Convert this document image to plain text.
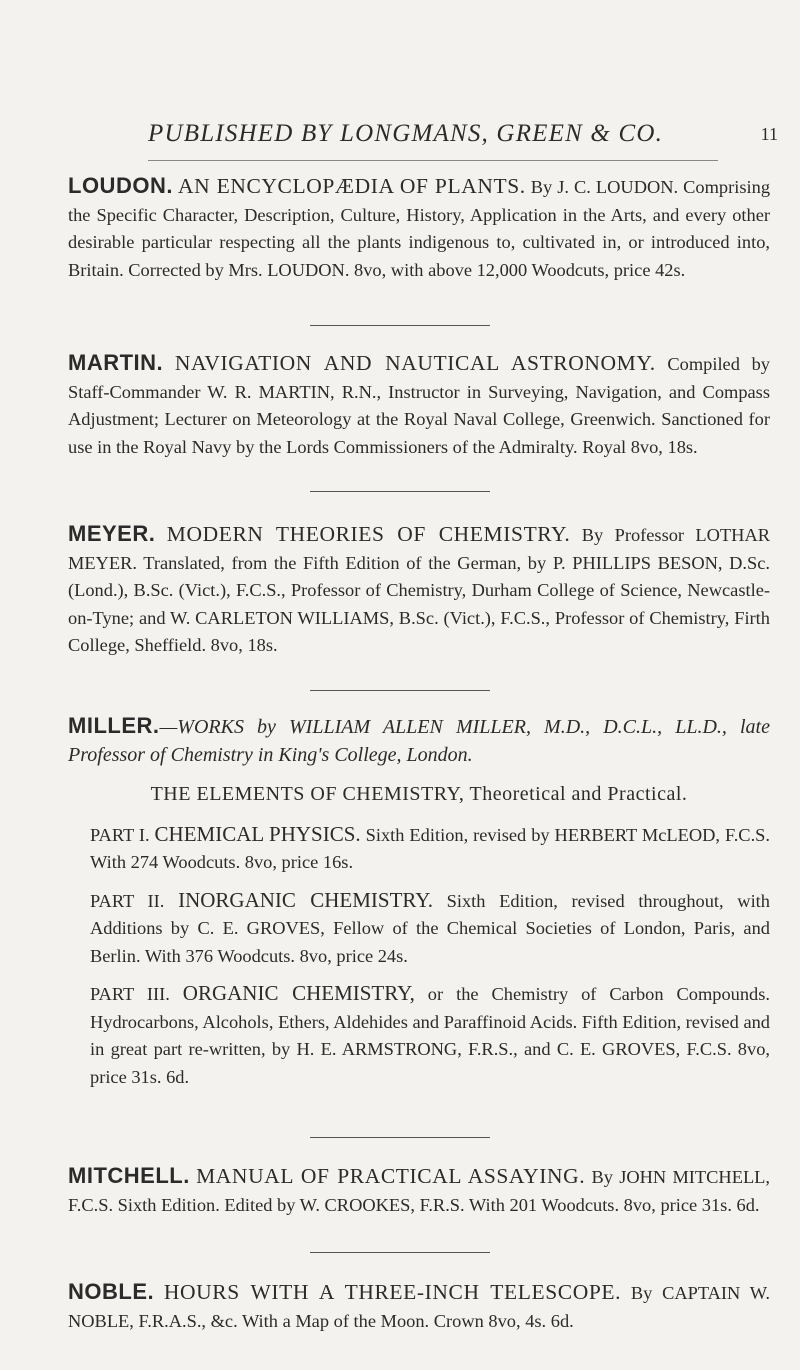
PUBLISHED BY LONGMANS, GREEN & CO.	11

LOUDON. AN ENCYCLOPÆDIA OF PLANTS. By J. C. LOUDON. Comprising the Specific Character, Description, Culture, History, Application in the Arts, and every other desirable particular respecting all the plants indigenous to, cultivated in, or introduced into, Britain. Corrected by Mrs. LOUDON. 8vo, with above 12,000 Woodcuts, price 42s.

MARTIN. NAVIGATION AND NAUTICAL ASTRONOMY. Compiled by Staff-Commander W. R. MARTIN, R.N., Instructor in Surveying, Navigation, and Compass Adjustment; Lecturer on Meteorology at the Royal Naval College, Greenwich. Sanctioned for use in the Royal Navy by the Lords Commissioners of the Admiralty. Royal 8vo, 18s.

MEYER. MODERN THEORIES OF CHEMISTRY. By Professor LOTHAR MEYER. Translated, from the Fifth Edition of the German, by P. PHILLIPS BESON, D.Sc. (Lond.), B.Sc. (Vict.), F.C.S., Professor of Chemistry, Durham College of Science, Newcastle-on-Tyne; and W. CARLETON WILLIAMS, B.Sc. (Vict.), F.C.S., Professor of Chemistry, Firth College, Sheffield. 8vo, 18s.

MILLER.—WORKS by WILLIAM ALLEN MILLER, M.D., D.C.L., LL.D., late Professor of Chemistry in King's College, London.

THE ELEMENTS OF CHEMISTRY, Theoretical and Practical.

PART I. CHEMICAL PHYSICS. Sixth Edition, revised by HERBERT McLEOD, F.C.S. With 274 Woodcuts. 8vo, price 16s.

PART II. INORGANIC CHEMISTRY. Sixth Edition, revised throughout, with Additions by C. E. GROVES, Fellow of the Chemical Societies of London, Paris, and Berlin. With 376 Woodcuts. 8vo, price 24s.

PART III. ORGANIC CHEMISTRY, or the Chemistry of Carbon Compounds. Hydrocarbons, Alcohols, Ethers, Aldehides and Paraffinoid Acids. Fifth Edition, revised and in great part re-written, by H. E. ARMSTRONG, F.R.S., and C. E. GROVES, F.C.S. 8vo, price 31s. 6d.

MITCHELL. MANUAL OF PRACTICAL ASSAYING. By JOHN MITCHELL, F.C.S. Sixth Edition. Edited by W. CROOKES, F.R.S. With 201 Woodcuts. 8vo, price 31s. 6d.

NOBLE. HOURS WITH A THREE-INCH TELESCOPE. By CAPTAIN W. NOBLE, F.R.A.S., &c. With a Map of the Moon. Crown 8vo, 4s. 6d.
